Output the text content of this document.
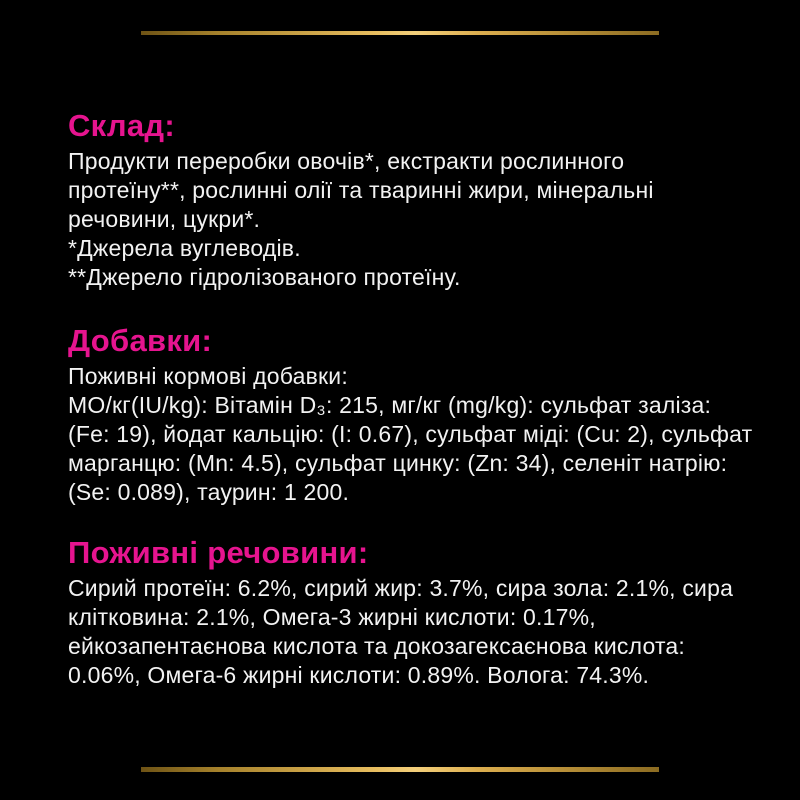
Склад:
Продукти переробки овочів*, екстракти рослинного
протеїну**, рослинні олії та тваринні жири, мінеральні
речовини, цукри*.
*Джерела вуглеводів.
**Джерело гідролізованого протеїну.
Добавки:
Поживні кормові добавки:
МО/кг(IU/kg): Вітамін D₃: 215, мг/кг (mg/kg): сульфат заліза:
(Fe: 19), йодат кальцію: (I: 0.67), сульфат міді: (Cu: 2), сульфат
марганцю: (Mn: 4.5), сульфат цинку: (Zn: 34), селеніт натрію:
(Se: 0.089), таурин: 1 200.
Поживні речовини:
Сирий протеїн: 6.2%, сирий жир: 3.7%, сира зола: 2.1%, сира
клітковина: 2.1%, Омега-3 жирні кислоти: 0.17%,
ейкозапентаєнова кислота та докозагексаєнова кислота:
0.06%, Омега-6 жирні кислоти: 0.89%. Волога: 74.3%.
